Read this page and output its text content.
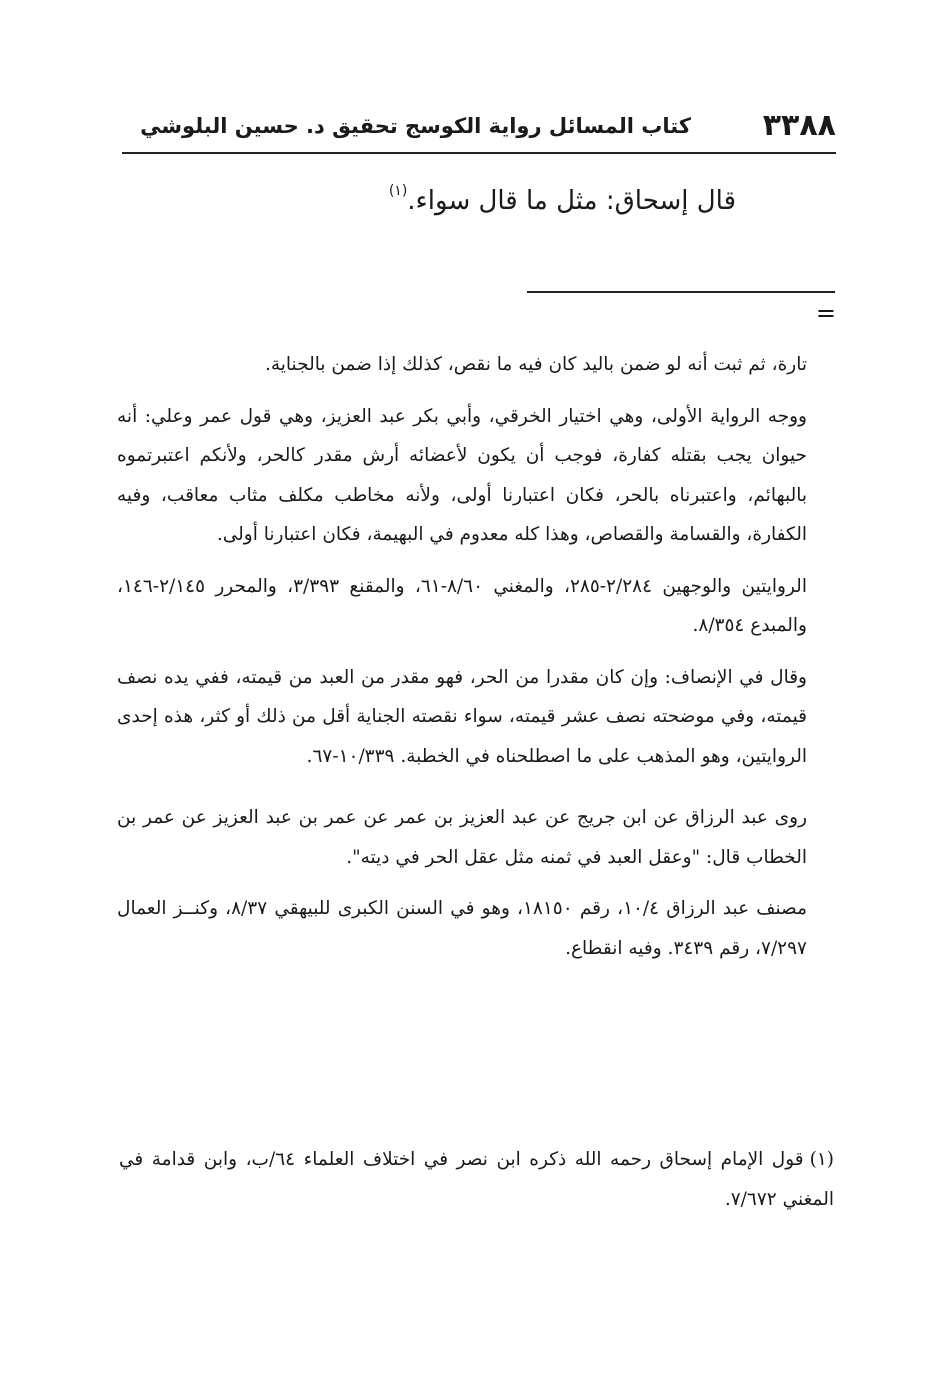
٣٣٨٨
كتاب المسائل رواية الكوسج تحقيق د. حسين البلوشي
قال إسحاق: مثل ما قال سواء.$^{(١)}$
=

تارة، ثم ثبت أنه لو ضمن باليد كان فيه ما نقص، كذلك إذا ضمن بالجناية.

ووجه الرواية الأولى، وهي اختيار الخرقي، وأبي بكر عبد العزيز، وهي قول عمر وعلي: أنه حيوان يجب بقتله كفارة، فوجب أن يكون لأعضائه أرش مقدر كالحر، ولأنكم اعتبرتموه بالبهائم، واعتبرناه بالحر، فكان اعتبارنا أولى، ولأنه مخاطب مكلف مثاب معاقب، وفيه الكفارة، والقسامة والقصاص، وهذا كله معدوم في البهيمة، فكان اعتبارنا أولى.

الروايتين والوجهين ٢/٢٨٤-٢٨٥، والمغني ٨/٦٠-٦١، والمقنع ٣/٣٩٣، والمحرر ٢/١٤٥-١٤٦، والمبدع ٨/٣٥٤.

وقال في الإنصاف: وإن كان مقدرا من الحر، فهو مقدر من العبد من قيمته، ففي يده نصف قيمته، وفي موضحته نصف عشر قيمته، سواء نقصته الجناية أقل من ذلك أو كثر، هذه إحدى الروايتين، وهو المذهب على ما اصطلحناه في الخطبة. ١٠/٣٣٩-٦٧.

روى عبد الرزاق عن ابن جريج عن عبد العزيز بن عمر عن عمر بن عبد العزيز عن عمر بن الخطاب قال: "وعقل العبد في ثمنه مثل عقل الحر في ديته".

مصنف عبد الرزاق ١٠/٤، رقم ١٨١٥٠، وهو في السنن الكبرى للبيهقي ٨/٣٧، وكنــز العمال ٧/٢٩٧، رقم ٣٤٣٩. وفيه انقطاع.

(١)قول الإمام إسحاق رحمه الله ذكره ابن نصر في اختلاف العلماء ٦٤/ب، وابن قدامة في المغني ٧/٦٧٢.
